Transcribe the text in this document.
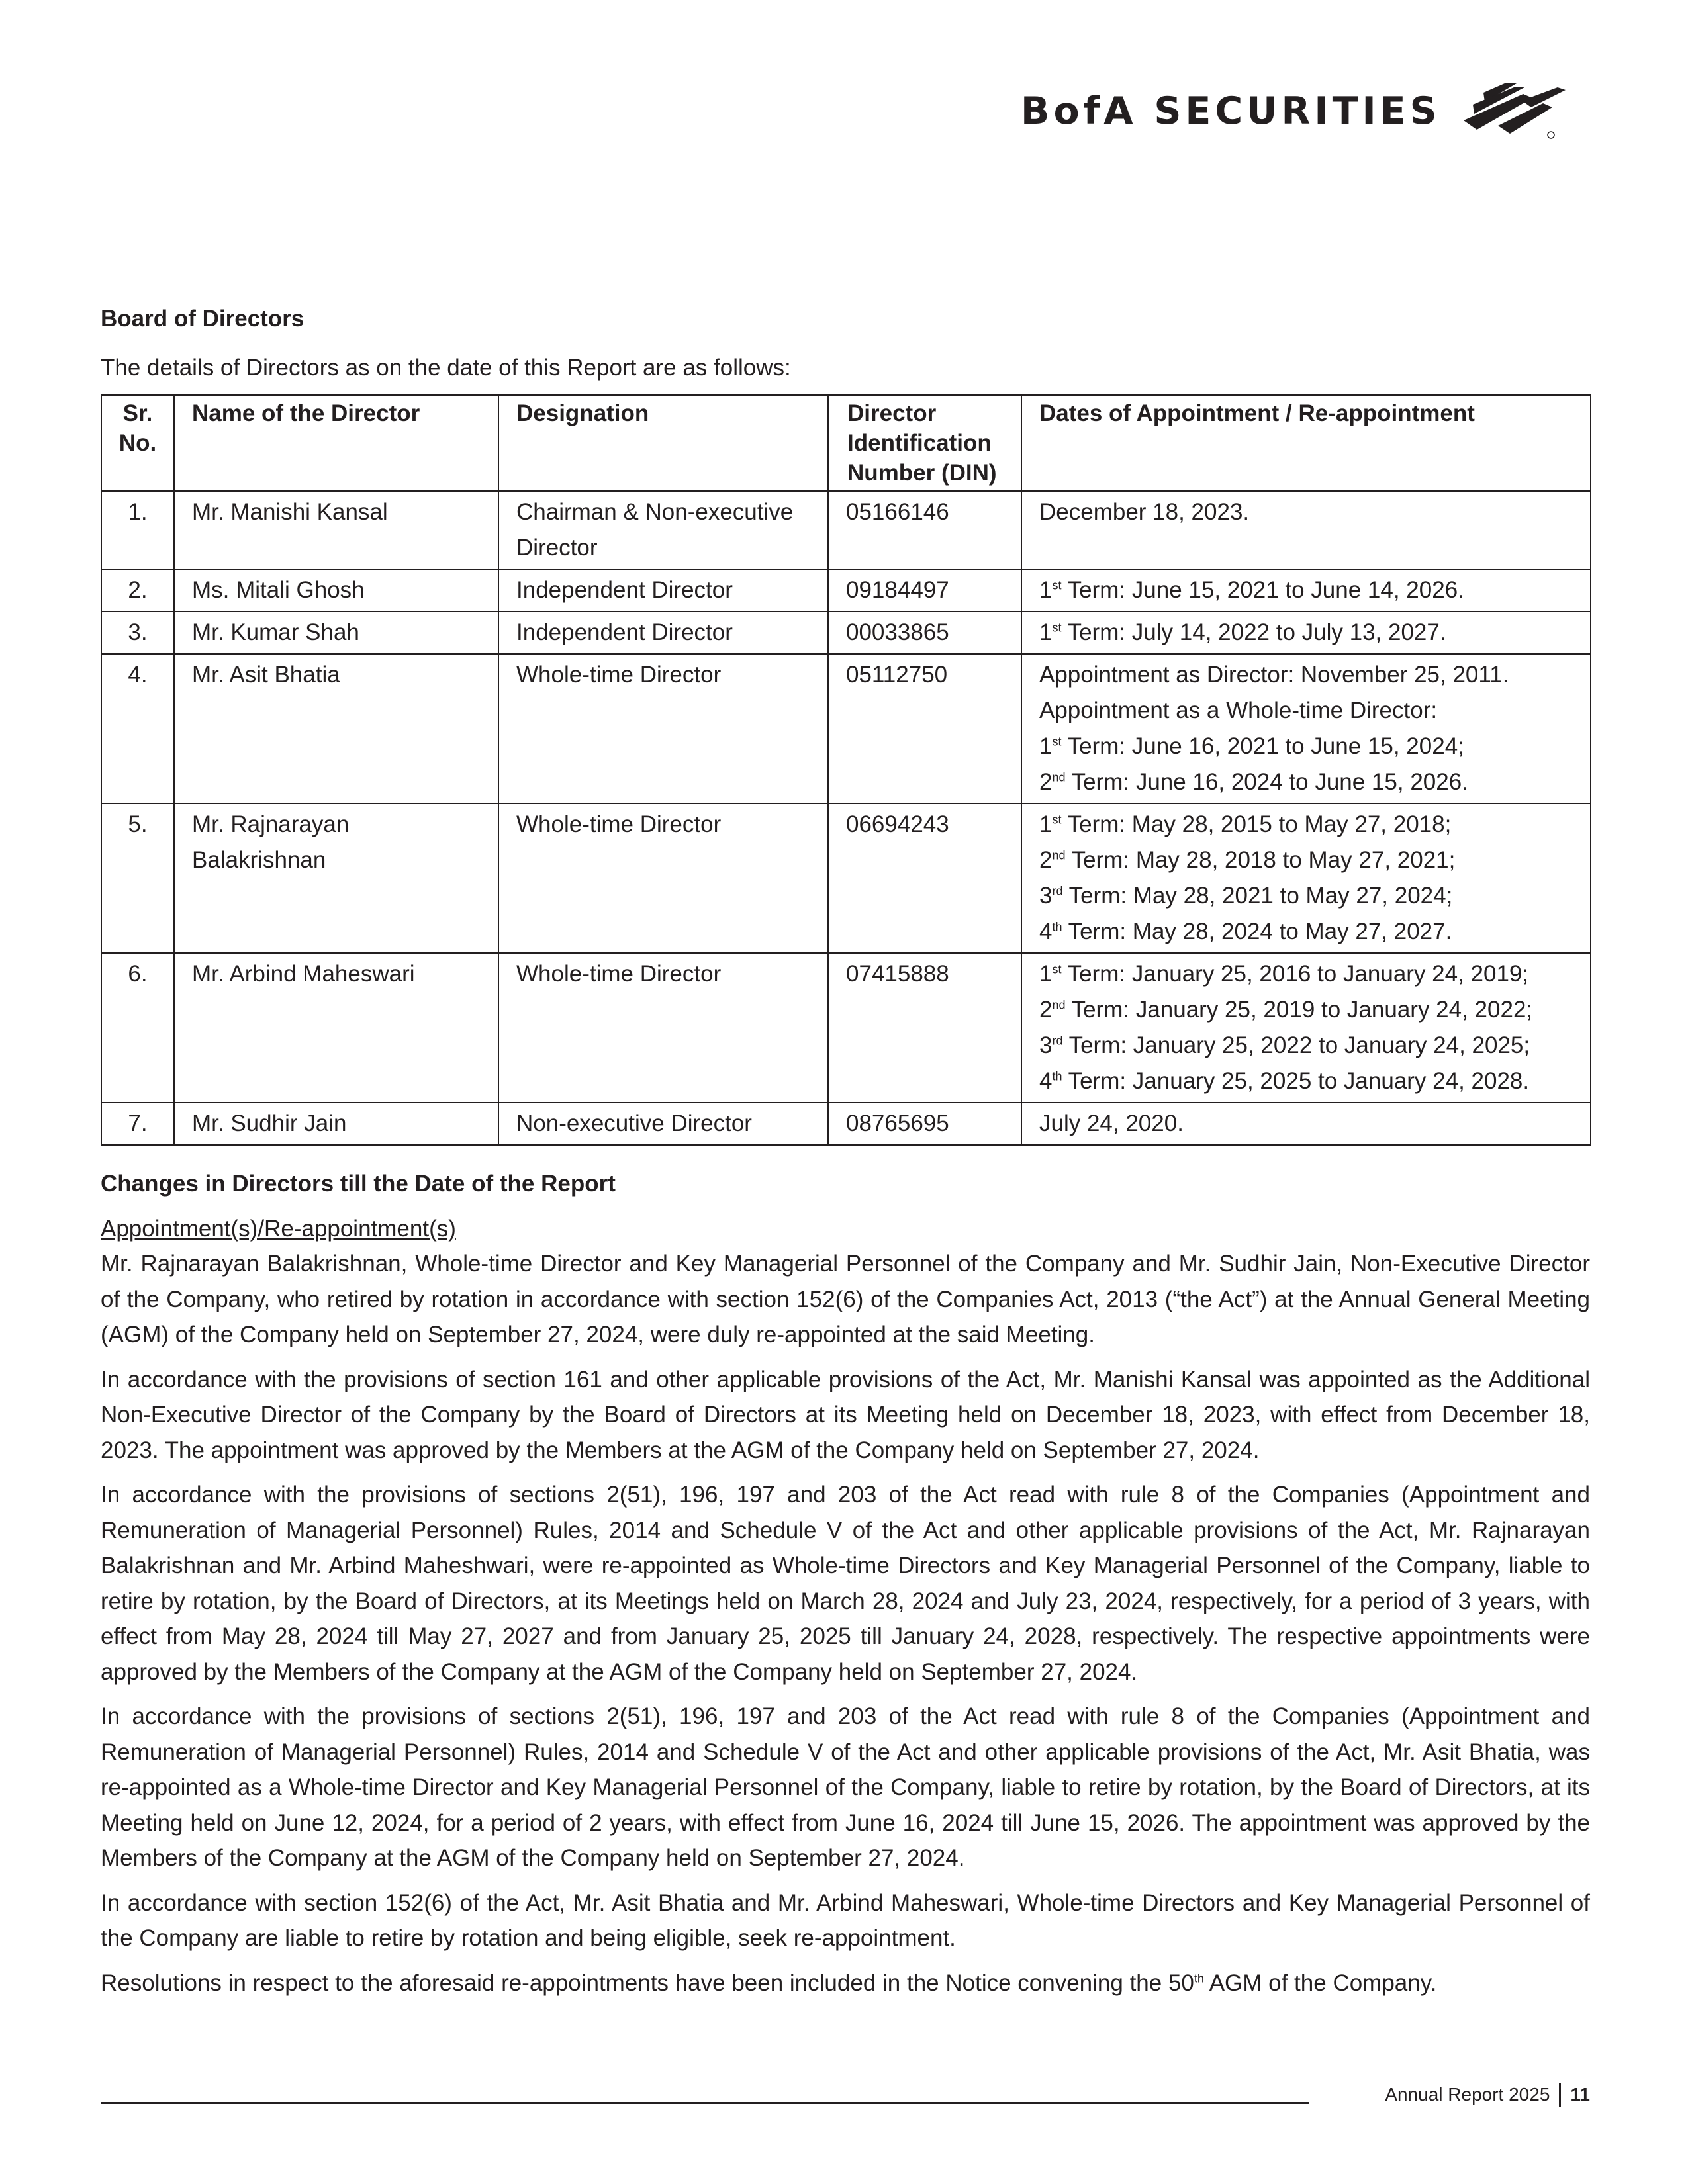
BofA SECURITIES
Board of Directors
The details of Directors as on the date of this Report are as follows:
Sr.
No.	Name of the Director	Designation	Director Identification Number (DIN)	Dates of Appointment / Re-appointment
1.	Mr. Manishi Kansal	Chairman & Non-executive Director	05166146	December 18, 2023.

2.	Ms. Mitali Ghosh	Independent Director	09184497	1st Term: June 15, 2021 to June 14, 2026.

3.	Mr. Kumar Shah	Independent Director	00033865	1st Term: July 14, 2022 to July 13, 2027.

4.	Mr. Asit Bhatia	Whole-time Director	05112750	Appointment as Director: November 25, 2011.
Appointment as a Whole-time Director:
1st Term: June 16, 2021 to June 15, 2024;
2nd Term: June 16, 2024 to June 15, 2026.

5.	Mr. Rajnarayan Balakrishnan	Whole-time Director	06694243	1st Term: May 28, 2015 to May 27, 2018;
2nd Term: May 28, 2018 to May 27, 2021;
3rd Term: May 28, 2021 to May 27, 2024;
4th Term: May 28, 2024 to May 27, 2027.

6.	Mr. Arbind Maheswari	Whole-time Director	07415888	1st Term: January 25, 2016 to January 24, 2019;
2nd Term: January 25, 2019 to January 24, 2022;
3rd Term: January 25, 2022 to January 24, 2025;
4th Term: January 25, 2025 to January 24, 2028.

7.	Mr. Sudhir Jain	Non-executive Director	08765695	July 24, 2020.
Changes in Directors till the Date of the Report
Appointment(s)/Re-appointment(s)

Mr. Rajnarayan Balakrishnan, Whole-time Director and Key Managerial Personnel of the Company and Mr. Sudhir Jain, Non-Executive Director of the Company, who retired by rotation in accordance with section 152(6) of the Companies Act, 2013 (“the Act”) at the Annual General Meeting (AGM) of the Company held on September 27, 2024, were duly re-appointed at the said Meeting.

In accordance with the provisions of section 161 and other applicable provisions of the Act, Mr. Manishi Kansal was appointed as the Additional Non-Executive Director of the Company by the Board of Directors at its Meeting held on December 18, 2023, with effect from December 18, 2023. The appointment was approved by the Members at the AGM of the Company held on September 27, 2024.

In accordance with the provisions of sections 2(51), 196, 197 and 203 of the Act read with rule 8 of the Companies (Appointment and Remuneration of Managerial Personnel) Rules, 2014 and Schedule V of the Act and other applicable provisions of the Act, Mr. Rajnarayan Balakrishnan and Mr. Arbind Maheshwari, were re-appointed as Whole-time Directors and Key Managerial Personnel of the Company, liable to retire by rotation, by the Board of Directors, at its Meetings held on March 28, 2024 and July 23, 2024, respectively, for a period of 3 years, with effect from May 28, 2024 till May 27, 2027 and from January 25, 2025 till January 24, 2028, respectively. The respective appointments were approved by the Members of the Company at the AGM of the Company held on September 27, 2024.

In accordance with the provisions of sections 2(51), 196, 197 and 203 of the Act read with rule 8 of the Companies (Appointment and Remuneration of Managerial Personnel) Rules, 2014 and Schedule V of the Act and other applicable provisions of the Act, Mr. Asit Bhatia, was re-appointed as a Whole-time Director and Key Managerial Personnel of the Company, liable to retire by rotation, by the Board of Directors, at its Meeting held on June 12, 2024, for a period of 2 years, with effect from June 16, 2024 till June 15, 2026. The appointment was approved by the Members of the Company at the AGM of the Company held on September 27, 2024.

In accordance with section 152(6) of the Act, Mr. Asit Bhatia and Mr. Arbind Maheswari, Whole-time Directors and Key Managerial Personnel of the Company are liable to retire by rotation and being eligible, seek re-appointment.

Resolutions in respect to the aforesaid re-appointments have been included in the Notice convening the 50th AGM of the Company.

Annual Report 2025 11
